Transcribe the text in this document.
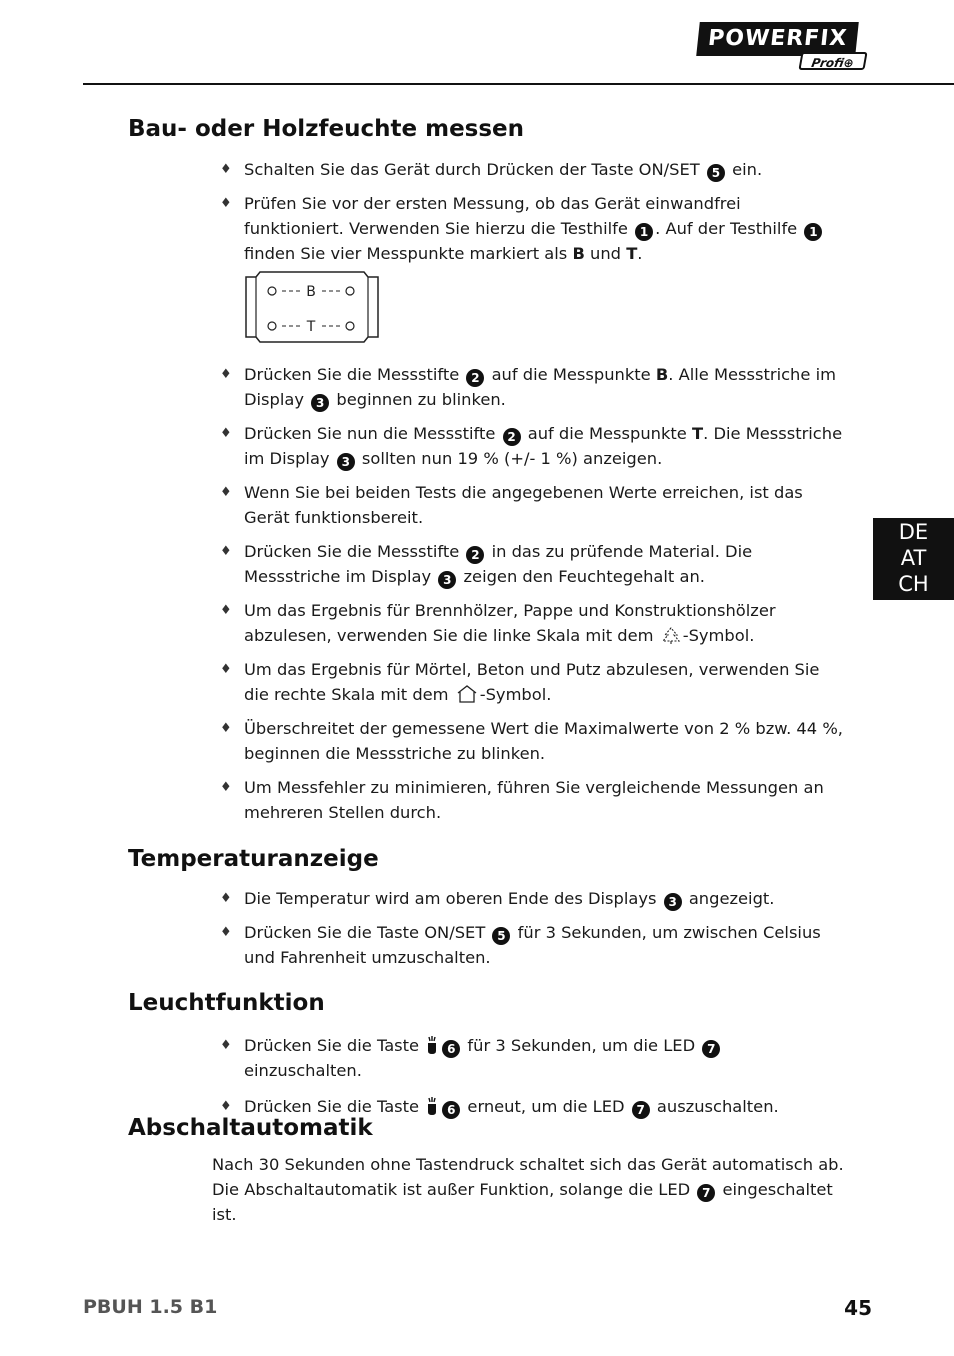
POWERFIX
Profi⊕
Bau- oder Holzfeuchte messen
♦ Schalten Sie das Gerät durch Drücken der Taste ON/SET 5 ein.
♦ Prüfen Sie vor der ersten Messung, ob das Gerät einwandfrei funktioniert. Verwenden Sie hierzu die Testhilfe 1 . Auf der Testhilfe 1 finden Sie vier Messpunkte markiert als B und T.
B
T
♦ Drücken Sie die Messstifte 2 auf die Messpunkte B. Alle Messstriche im Display 3 beginnen zu blinken.
♦ Drücken Sie nun die Messstifte 2 auf die Messpunkte T. Die Messstriche im Display 3 sollten nun 19 % (+/- 1 %) anzeigen.
♦ Wenn Sie bei beiden Tests die angegebenen Werte erreichen, ist das Gerät funktionsbereit.
♦ Drücken Sie die Messstifte 2 in das zu prüfende Material. Die Messstriche im Display 3 zeigen den Feuchtegehalt an.
♦ Um das Ergebnis für Brennhölzer, Pappe und Konstruktionshölzer abzulesen, verwenden Sie die linke Skala mit dem -Symbol.
♦ Um das Ergebnis für Mörtel, Beton und Putz abzulesen, verwenden Sie die rechte Skala mit dem -Symbol.
♦ Überschreitet der gemessene Wert die Maximalwerte von 2 % bzw. 44 %, beginnen die Messstriche zu blinken.
♦ Um Messfehler zu minimieren, führen Sie vergleichende Messungen an mehreren Stellen durch.
DE
AT
CH
Temperaturanzeige
♦ Die Temperatur wird am oberen Ende des Displays 3 angezeigt.
♦ Drücken Sie die Taste ON/SET 5 für 3 Sekunden, um zwischen Celsius und Fahrenheit umzuschalten.
Leuchtfunktion
♦ Drücken Sie die Taste 6 für 3 Sekunden, um die LED 7 einzuschalten.
♦ Drücken Sie die Taste 6 erneut, um die LED 7 auszuschalten.
Abschaltautomatik

Nach 30 Sekunden ohne Tastendruck schaltet sich das Gerät automatisch ab.
Die Abschaltautomatik ist außer Funktion, solange die LED 7 eingeschaltet ist.

PBUH 1.5 B1	45
